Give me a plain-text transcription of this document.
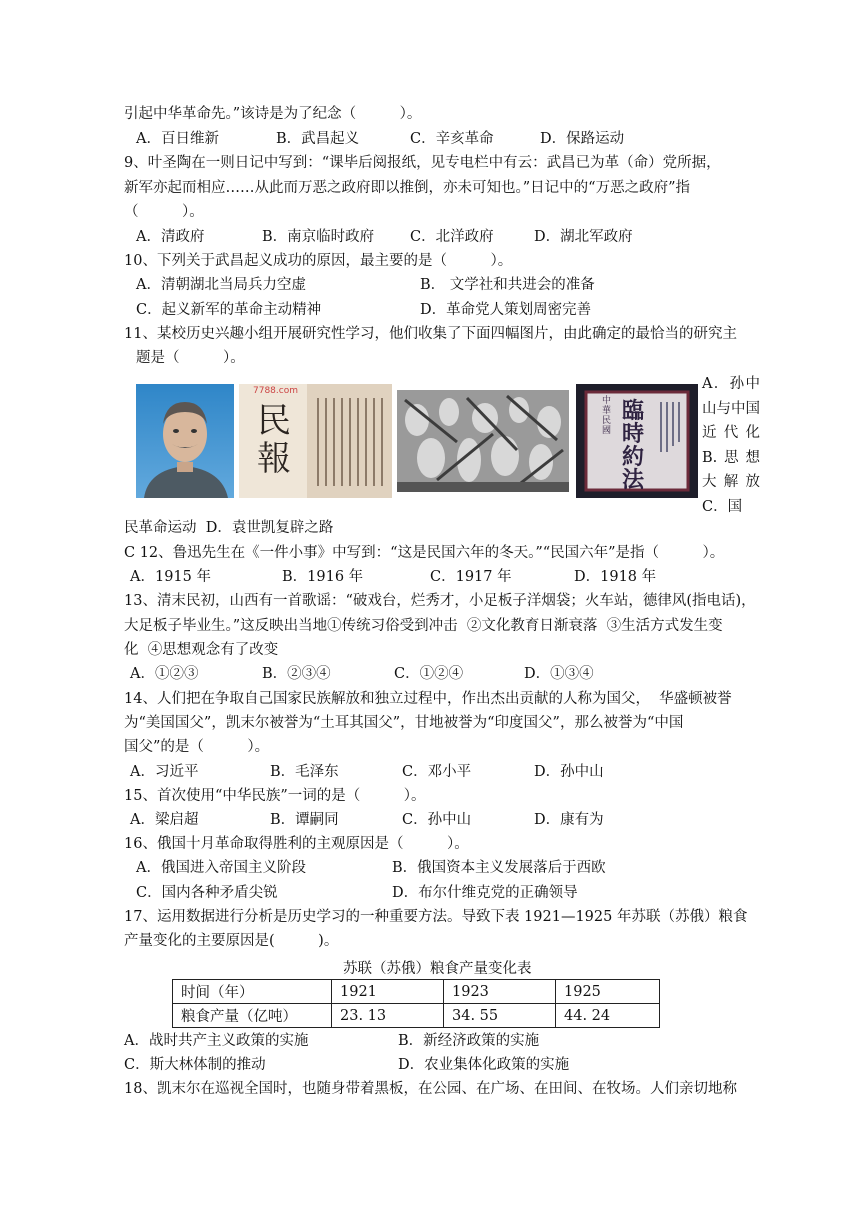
引起中华革命先。”该诗是为了纪念（　　　）。
A．百日维新	B．武昌起义	C．辛亥革命	D．保路运动
9、叶圣陶在一则日记中写到：“课毕后阅报纸，见专电栏中有云：武昌已为革（命）党所据，
新军亦起而相应……从此而万恶之政府即以推倒，亦未可知也。”日记中的“万恶之政府”指
（　　　）。
A．清政府	B．南京临时政府 C．北洋政府	D．湖北军政府
10、下列关于武昌起义成功的原因，最主要的是（　　　）。
A．清朝湖北当局兵力空虚	B． 文学社和共进会的准备
C．起义新军的革命主动精神	D．革命党人策划周密完善
11、某校历史兴趣小组开展研究性学习，他们收集了下面四幅图片，由此确定的最恰当的研究主
题是（　　　）。
7788.com
民報
中華民國
臨時約法
A．孙中山与中国近代化 B.思想大解放 C．国
民革命运动  D．袁世凯复辟之路
C 12、鲁迅先生在《一件小事》中写到：“这是民国六年的冬天。”“民国六年”是指（　　　）。
A．1915 年	B．1916 年	C．1917 年	D．1918 年
13、清末民初，山西有一首歌谣：“破戏台，烂秀才，小足板子洋烟袋；火车站，德律风(指电话)，
大足板子毕业生。”这反映出当地①传统习俗受到冲击  ②文化教育日渐衰落  ③生活方式发生变
化  ④思想观念有了改变
A．①②③	B．②③④	C．①②④	D．①③④
14、人们把在争取自己国家民族解放和独立过程中，作出杰出贡献的人称为国父，  华盛顿被誉
为“美国国父”，凯末尔被誉为“土耳其国父”，甘地被誉为“印度国父”，那么被誉为“中国
国父”的是（　　　）。
A．习近平	B．毛泽东	C．邓小平	D．孙中山
15、首次使用“中华民族”一词的是（　　　）。
A．梁启超	B．谭嗣同	C．孙中山	D．康有为
16、俄国十月革命取得胜利的主观原因是（　　　）。
A．俄国进入帝国主义阶段	B．俄国资本主义发展落后于西欧
C．国内各种矛盾尖锐	D．布尔什维克党的正确领导
17、运用数据进行分析是历史学习的一种重要方法。导致下表 1921—1925 年苏联（苏俄）粮食
产量变化的主要原因是(　　　)。
苏联（苏俄）粮食产量变化表
时间（年）	1921	1923	1925
粮食产量（亿吨）	23. 13	34. 55	44. 24
A．战时共产主义政策的实施	B．新经济政策的实施
C．斯大林体制的推动	D．农业集体化政策的实施
18、凯末尔在巡视全国时，也随身带着黑板，在公园、在广场、在田间、在牧场。人们亲切地称
